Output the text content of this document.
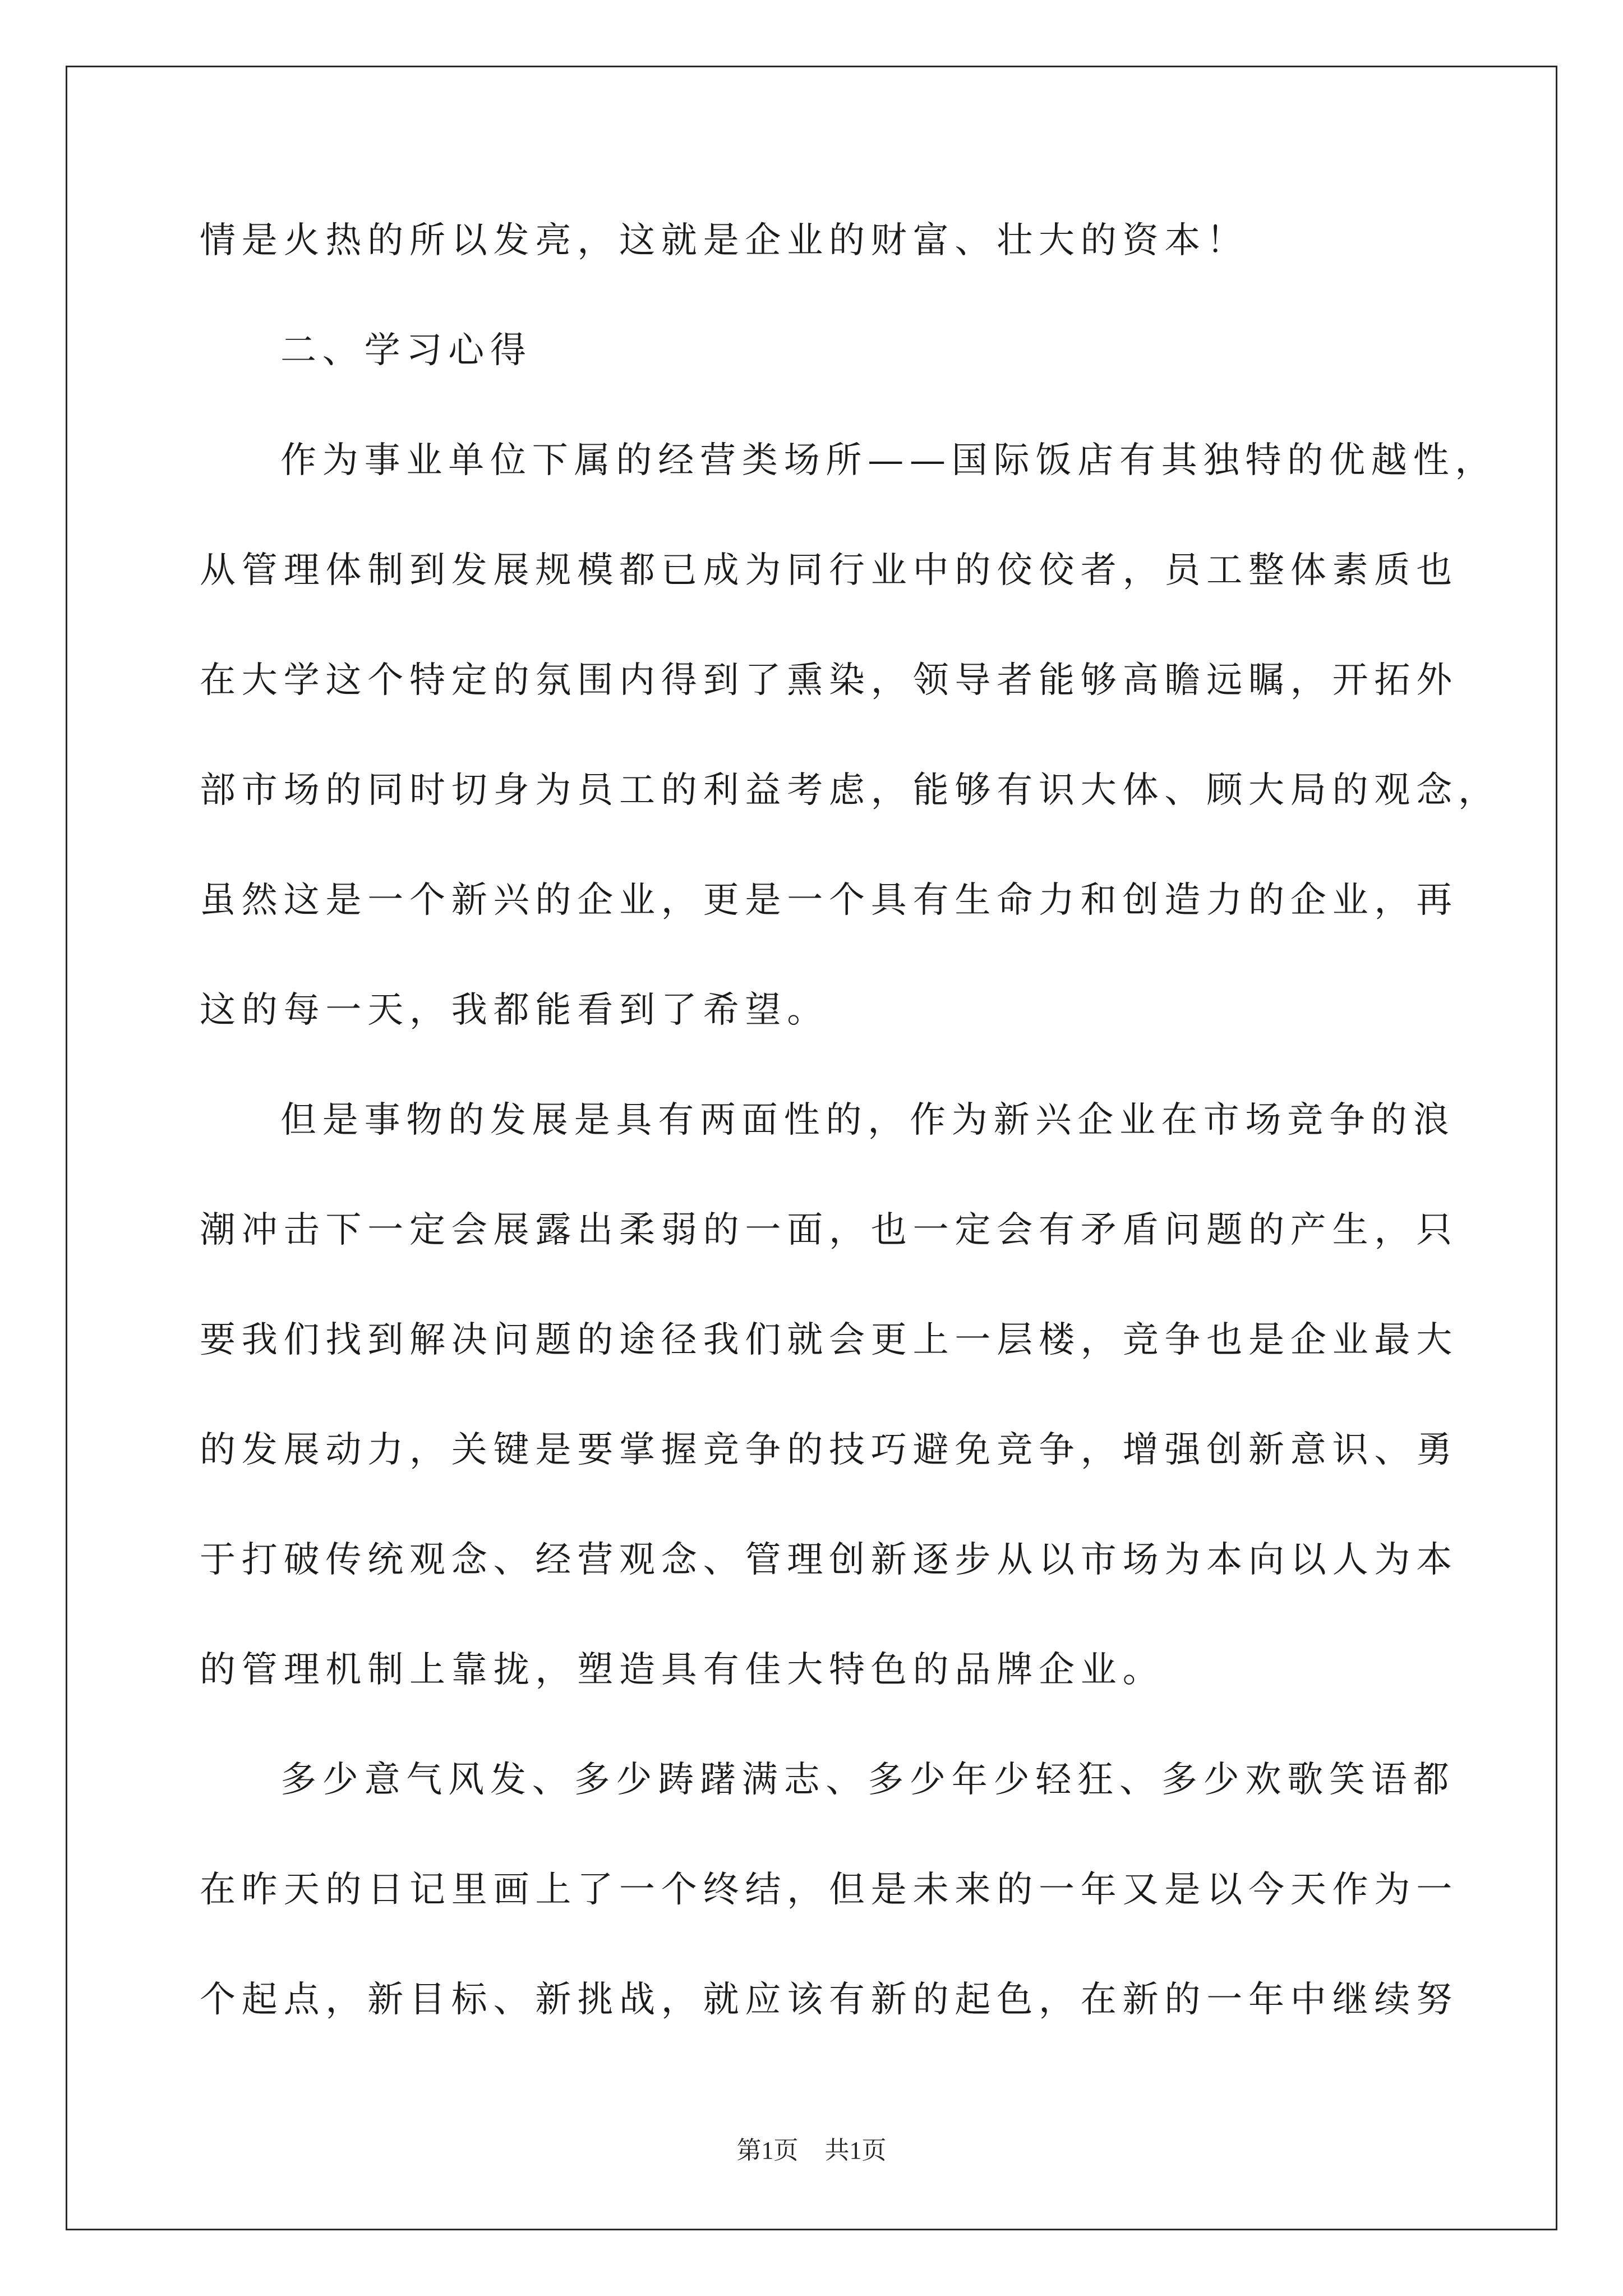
情是火热的所以发亮，这就是企业的财富、壮大的资本！
二、学习心得
作为事业单位下属的经营类场所——国际饭店有其独特的优越性，
从管理体制到发展规模都已成为同行业中的佼佼者，员工整体素质也
在大学这个特定的氛围内得到了熏染，领导者能够高瞻远瞩，开拓外
部市场的同时切身为员工的利益考虑，能够有识大体、顾大局的观念，
虽然这是一个新兴的企业，更是一个具有生命力和创造力的企业，再
这的每一天，我都能看到了希望。
但是事物的发展是具有两面性的，作为新兴企业在市场竞争的浪
潮冲击下一定会展露出柔弱的一面，也一定会有矛盾问题的产生，只
要我们找到解决问题的途径我们就会更上一层楼，竞争也是企业最大
的发展动力，关键是要掌握竞争的技巧避免竞争，增强创新意识、勇
于打破传统观念、经营观念、管理创新逐步从以市场为本向以人为本
的管理机制上靠拢，塑造具有佳大特色的品牌企业。
多少意气风发、多少踌躇满志、多少年少轻狂、多少欢歌笑语都
在昨天的日记里画上了一个终结，但是未来的一年又是以今天作为一
个起点，新目标、新挑战，就应该有新的起色，在新的一年中继续努
第1页 共1页
